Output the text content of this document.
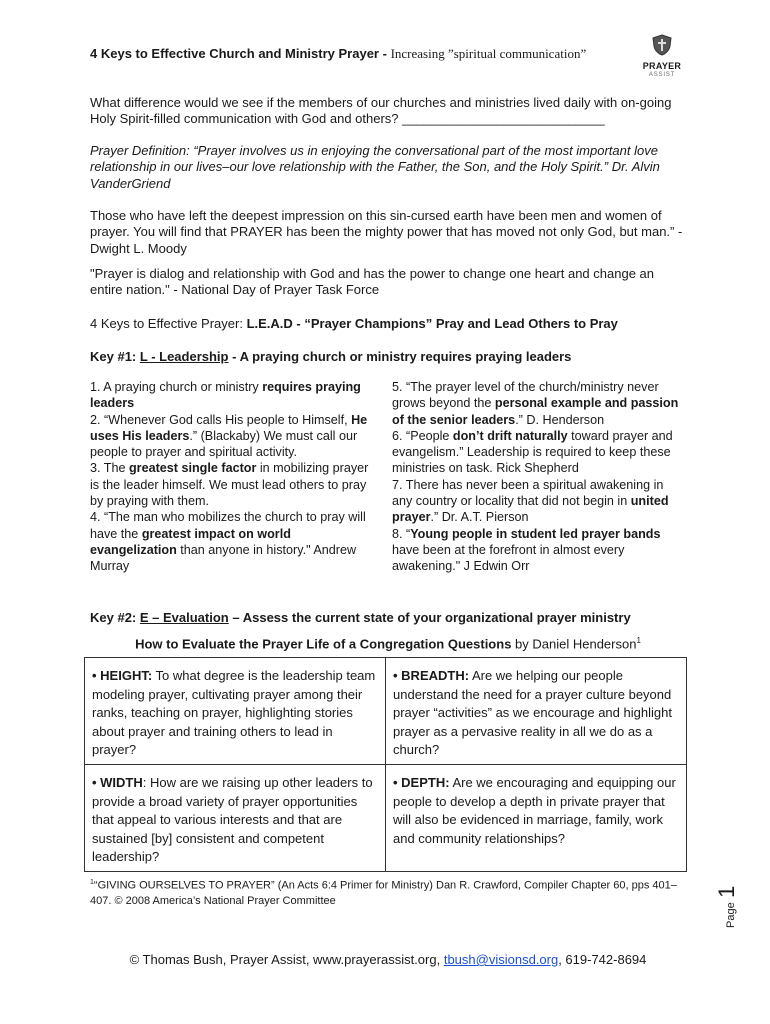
4 Keys to Effective Church and Ministry Prayer - Increasing ”spiritual communication”
PRAYER
ASSIST
What difference would we see if the members of our churches and ministries lived daily with on-going Holy Spirit-filled communication with God and others? ____________________________
Prayer Definition: “Prayer involves us in enjoying the conversational part of the most important love relationship in our lives–our love relationship with the Father, the Son, and the Holy Spirit.” Dr. Alvin VanderGriend
Those who have left the deepest impression on this sin-cursed earth have been men and women of prayer. You will find that PRAYER has been the mighty power that has moved not only God, but man.” - Dwight L. Moody
"Prayer is dialog and relationship with God and has the power to change one heart and change an entire nation." - National Day of Prayer Task Force
4 Keys to Effective Prayer: L.E.A.D - “Prayer Champions” Pray and Lead Others to Pray
Key #1: L - Leadership - A praying church or ministry requires praying leaders
1. A praying church or ministry requires praying leaders
2. “Whenever God calls His people to Himself, He uses His leaders.” (Blackaby) We must call our people to prayer and spiritual activity.
3. The greatest single factor in mobilizing prayer is the leader himself. We must lead others to pray by praying with them.
4. “The man who mobilizes the church to pray will have the greatest impact on world evangelization than anyone in history." Andrew Murray
5. “The prayer level of the church/ministry never grows beyond the personal example and passion of the senior leaders.” D. Henderson
6. “People don’t drift naturally toward prayer and evangelism.” Leadership is required to keep these ministries on task. Rick Shepherd
7. There has never been a spiritual awakening in any country or locality that did not begin in united prayer.” Dr. A.T. Pierson
8. “Young people in student led prayer bands have been at the forefront in almost every awakening." J Edwin Orr
Key #2: E – Evaluation – Assess the current state of your organizational prayer ministry
How to Evaluate the Prayer Life of a Congregation Questions by Daniel Henderson$^1$
• HEIGHT: To what degree is the leadership team modeling prayer, cultivating prayer among their ranks, teaching on prayer, highlighting stories about prayer and training others to lead in prayer?	• BREADTH: Are we helping our people understand the need for a prayer culture beyond prayer “activities” as we encourage and highlight prayer as a pervasive reality in all we do as a church?
• WIDTH: How are we raising up other leaders to provide a broad variety of prayer opportunities that appeal to various interests and that are sustained [by] consistent and competent leadership?	• DEPTH: Are we encouraging and equipping our people to develop a depth in private prayer that will also be evidenced in marriage, family, work and community relationships?
$^1$“GIVING OURSELVES TO PRAYER” (An Acts 6:4 Primer for Ministry) Dan R. Crawford, Compiler Chapter 60, pps 401–407. © 2008 America’s National Prayer Committee
Page 1
© Thomas Bush, Prayer Assist, www.prayerassist.org, tbush@visionsd.org, 619-742-8694
